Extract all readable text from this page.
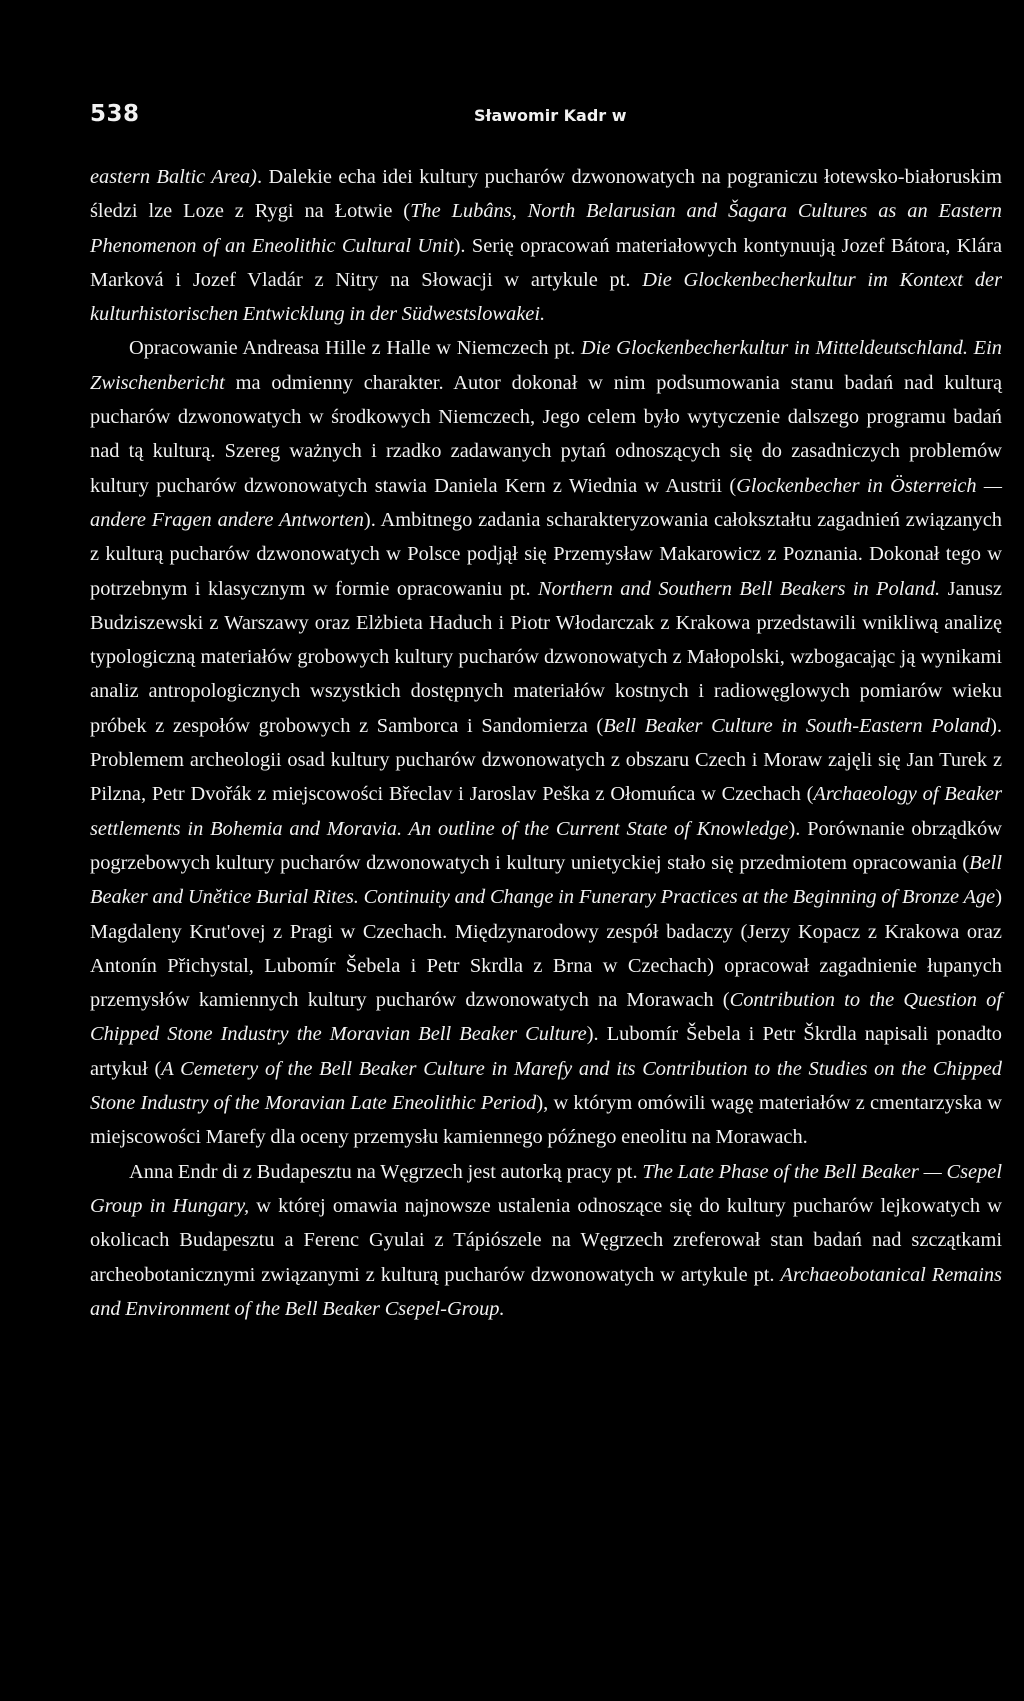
538	Sławomir Kadr w

eastern Baltic Area). Dalekie echa idei kultury pucharów dzwonowatych na pograniczu łotewsko-białoruskim śledzi lze Loze z Rygi na Łotwie (The Lubâns, North Belarusian and Šagara Cultures as an Eastern Phenomenon of an Eneolithic Cultural Unit). Serię opracowań materiałowych kontynuują Jozef Bátora, Klára Marková i Jozef Vladár z Nitry na Słowacji w artykule pt. Die Glockenbecherkultur im Kontext der kulturhistorischen Entwicklung in der Südwestslowakei.

Opracowanie Andreasa Hille z Halle w Niemczech pt. Die Glockenbecherkultur in Mitteldeutschland. Ein Zwischenbericht ma odmienny charakter. Autor dokonał w nim podsumowania stanu badań nad kulturą pucharów dzwonowatych w środkowych Niemczech, Jego celem było wytyczenie dalszego programu badań nad tą kulturą. Szereg ważnych i rzadko zadawanych pytań odnoszących się do zasadniczych problemów kultury pucharów dzwonowatych stawia Daniela Kern z Wiednia w Austrii (Glockenbecher in Österreich — andere Fragen andere Antworten). Ambitnego zadania scharakteryzowania całokształtu zagadnień związanych z kulturą pucharów dzwonowatych w Polsce podjął się Przemysław Makarowicz z Poznania. Dokonał tego w potrzebnym i klasycznym w formie opracowaniu pt. Northern and Southern Bell Beakers in Poland. Janusz Budziszewski z Warszawy oraz Elżbieta Haduch i Piotr Włodarczak z Krakowa przedstawili wnikliwą analizę typologiczną materiałów grobowych kultury pucharów dzwonowatych z Małopolski, wzbogacając ją wynikami analiz antropologicznych wszystkich dostępnych materiałów kostnych i radiowęglowych pomiarów wieku próbek z zespołów grobowych z Samborca i Sandomierza (Bell Beaker Culture in South-Eastern Poland). Problemem archeologii osad kultury pucharów dzwonowatych z obszaru Czech i Moraw zajęli się Jan Turek z Pilzna, Petr Dvořák z miejscowości Břeclav i Jaroslav Peška z Ołomuńca w Czechach (Archaeology of Beaker settlements in Bohemia and Moravia. An outline of the Current State of Knowledge). Porównanie obrządków pogrzebowych kultury pucharów dzwonowatych i kultury unietyckiej stało się przedmiotem opracowania (Bell Beaker and Unětice Burial Rites. Continuity and Change in Funerary Practices at the Beginning of Bronze Age) Magdaleny Krut'ovej z Pragi w Czechach. Międzynarodowy zespół badaczy (Jerzy Kopacz z Krakowa oraz Antonín Přichystal, Lubomír Šebela i Petr Skrdla z Brna w Czechach) opracował zagadnienie łupanych przemysłów kamiennych kultury pucharów dzwonowatych na Morawach (Contribution to the Question of Chipped Stone Industry the Moravian Bell Beaker Culture). Lubomír Šebela i Petr Škrdla napisali ponadto artykuł (A Cemetery of the Bell Beaker Culture in Marefy and its Contribution to the Studies on the Chipped Stone Industry of the Moravian Late Eneolithic Period), w którym omówili wagę materiałów z cmentarzyska w miejscowości Marefy dla oceny przemysłu kamiennego późnego eneolitu na Morawach.

Anna Endr di z Budapesztu na Węgrzech jest autorką pracy pt. The Late Phase of the Bell Beaker — Csepel Group in Hungary, w której omawia najnowsze ustalenia odnoszące się do kultury pucharów lejkowatych w okolicach Budapesztu a Ferenc Gyulai z Tápiószele na Węgrzech zreferował stan badań nad szczątkami archeobotanicznymi związanymi z kulturą pucharów dzwonowatych w artykule pt. Archaeobotanical Remains and Environment of the Bell Beaker Csepel-Group.
